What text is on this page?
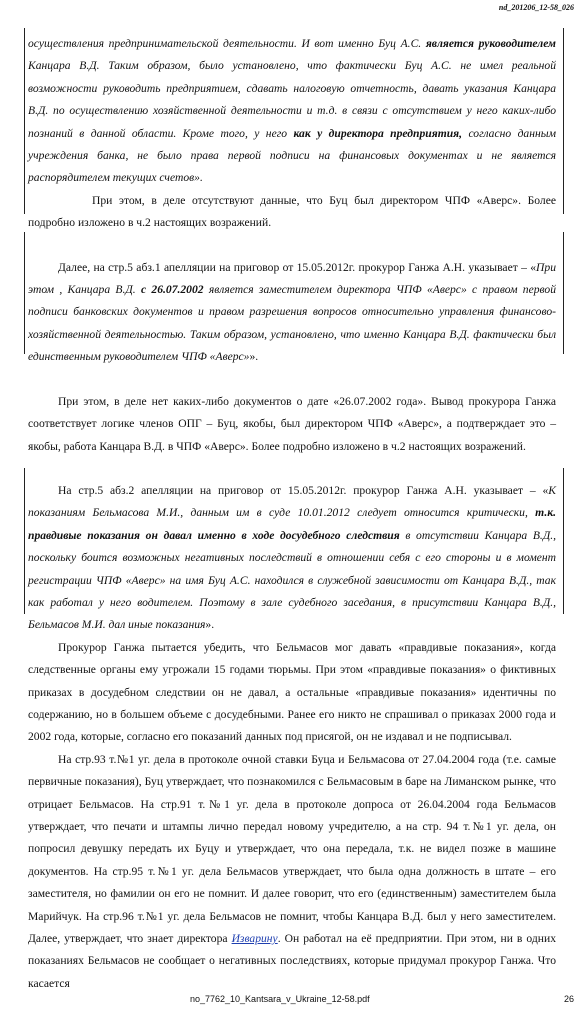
nd_201206_12-58_026

осуществления предпринимательской деятельности. И вот именно Буц А.С. является руководителем Канцара В.Д. Таким образом, было установлено, что фактически Буц А.С. не имел реальной возможности руководить предприятием, сдавать налоговую отчетность, давать указания Канцара В.Д. по осуществлению хозяйственной деятельности и т.д. в связи с отсутствием у него каких-либо познаний в данной области. Кроме того, у него как у директора предприятия, согласно данным учреждения банка, не было права первой подписи на финансовых документах и не является распорядителем текущих счетов».

При этом, в деле отсутствуют данные, что Буц был директором ЧПФ «Аверс». Более подробно изложено в ч.2 настоящих возражений.

Далее, на стр.5 абз.1 апелляции на приговор от 15.05.2012г. прокурор Ганжа А.Н. указывает – «При этом , Канцара В.Д. с 26.07.2002 является заместителем директора ЧПФ «Аверс» с правом первой подписи банковских документов и правом разрешения вопросов относительно управления финансово-хозяйственной деятельностью. Таким образом, установлено, что именно Канцара В.Д. фактически был единственным руководителем ЧПФ «Аверс»».

При этом, в деле нет каких-либо документов о дате «26.07.2002 года». Вывод прокурора Ганжа соответствует логике членов ОПГ – Буц, якобы, был директором ЧПФ «Аверс», а подтверждает это – якобы, работа Канцара В.Д. в ЧПФ «Аверс». Более подробно изложено в ч.2 настоящих возражений.

На стр.5 абз.2 апелляции на приговор от 15.05.2012г. прокурор Ганжа А.Н. указывает – «К показаниям Бельмасова М.И., данным им в суде 10.01.2012 следует относится критически, т.к. правдивые показания он давал именно в ходе досудебного следствия в отсутствии Канцара В.Д., поскольку боится возможных негативных последствий в отношении себя с его стороны и в момент регистрации ЧПФ «Аверс» на имя Буц А.С. находился в служебной зависимости от Канцара В.Д., так как работал у него водителем. Поэтому в зале судебного заседания, в присутствии Канцара В.Д., Бельмасов М.И. дал иные показания».

Прокурор Ганжа пытается убедить, что Бельмасов мог давать «правдивые показания», когда следственные органы ему угрожали 15 годами тюрьмы. При этом «правдивые показания» о фиктивных приказах в досудебном следствии он не давал, а остальные «правдивые показания» идентичны по содержанию, но в большем объеме с досудебными. Ранее его никто не спрашивал о приказах 2000 года и 2002 года, которые, согласно его показаний данных под присягой, он не издавал и не подписывал.

На стр.93 т.№1 уг. дела в протоколе очной ставки Буца и Бельмасова от 27.04.2004 года (т.е. самые первичные показания), Буц утверждает, что познакомился с Бельмасовым в баре на Лиманском рынке, что отрицает Бельмасов. На стр.91 т.№1 уг. дела в протоколе допроса от 26.04.2004 года Бельмасов утверждает, что печати и штампы лично передал новому учредителю, а на стр. 94 т.№1 уг. дела, он попросил девушку передать их Буцу и утверждает, что она передала, т.к. не видел позже в машине документов. На стр.95 т.№1 уг. дела Бельмасов утверждает, что была одна должность в штате – его заместителя, но фамилии он его не помнит. И далее говорит, что его (единственным) заместителем была Марийчук. На стр.96 т.№1 уг. дела Бельмасов не помнит, чтобы Канцара В.Д. был у него заместителем. Далее, утверждает, что знает директора Изварину. Он работал на её предприятии. При этом, ни в одних показаниях Бельмасов не сообщает о негативных последствиях, которые придумал прокурор Ганжа. Что касается

no_7762_10_Kantsara_v_Ukraine_12-58.pdf	26
